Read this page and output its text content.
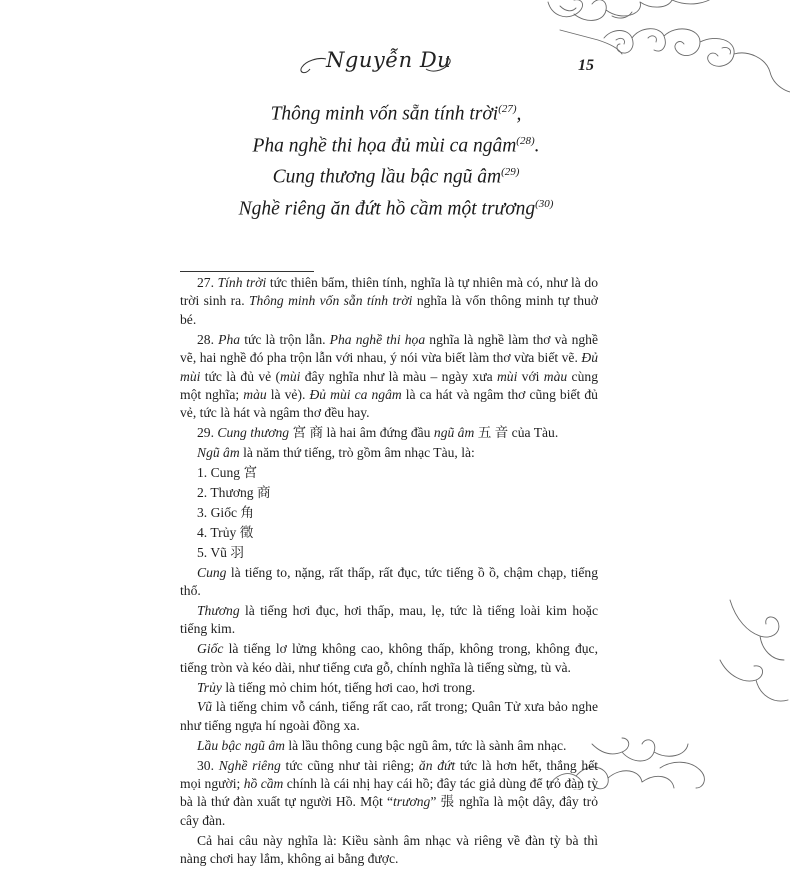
Nguyễn Du	15
Thông minh vốn sẵn tính trời$^{(27)}$,
Pha nghề thi họa đủ mùi ca ngâm$^{(28)}$.
Cung thương lầu bậc ngũ $âm^{(29)}$
Nghề riêng ăn đứt hồ cầm một trương$^{(30)}$

27. Tính trời tức thiên bẩm, thiên tính, nghĩa là tự nhiên mà có, như là do trời sinh ra. Thông minh vốn sẵn tính trời nghĩa là vốn thông minh tự thuở bé.

28. Pha tức là trộn lẫn. Pha nghề thi họa nghĩa là nghề làm thơ và nghề vẽ, hai nghề đó pha trộn lẫn với nhau, ý nói vừa biết làm thơ vừa biết vẽ. Đủ mùi tức là đủ vẻ (mùi đây nghĩa như là màu – ngày xưa mùi với màu cùng một nghĩa; màu là vẻ). Đủ mùi ca ngâm là ca hát và ngâm thơ cũng biết đủ vẻ, tức là hát và ngâm thơ đều hay.

29. Cung thương 宮 商 là hai âm đứng đầu ngũ âm 五 音 của Tàu.

Ngũ âm là năm thứ tiếng, trò gồm âm nhạc Tàu, là:

1. Cung 宮

2. Thương 商

3. Giốc 角

4. Trủy 徵

5. Vũ 羽

Cung là tiếng to, nặng, rất thấp, rất đục, tức tiếng ồ ồ, chậm chạp, tiếng thổ.

Thương là tiếng hơi đục, hơi thấp, mau, lẹ, tức là tiếng loài kim hoặc tiếng kim.

Giốc là tiếng lơ lửng không cao, không thấp, không trong, không đục, tiếng tròn và kéo dài, như tiếng cưa gỗ, chính nghĩa là tiếng sừng, tù và.

Trủy là tiếng mỏ chim hót, tiếng hơi cao, hơi trong.

Vũ là tiếng chim vỗ cánh, tiếng rất cao, rất trong; Quân Tử xưa bảo nghe như tiếng ngựa hí ngoài đồng xa.

Lầu bậc ngũ âm là lầu thông cung bậc ngũ âm, tức là sành âm nhạc.

30. Nghề riêng tức cũng như tài riêng; ăn đứt tức là hơn hết, thắng hết mọi người; hồ cầm chính là cái nhị hay cái hồ; đây tác giả dùng để trỏ đàn tỳ bà là thứ đàn xuất tự người Hồ. Một “trương” 張 nghĩa là một dây, đây trỏ cây đàn.

Cả hai câu này nghĩa là: Kiều sành âm nhạc và riêng về đàn tỳ bà thì nàng chơi hay lắm, không ai bằng được.
